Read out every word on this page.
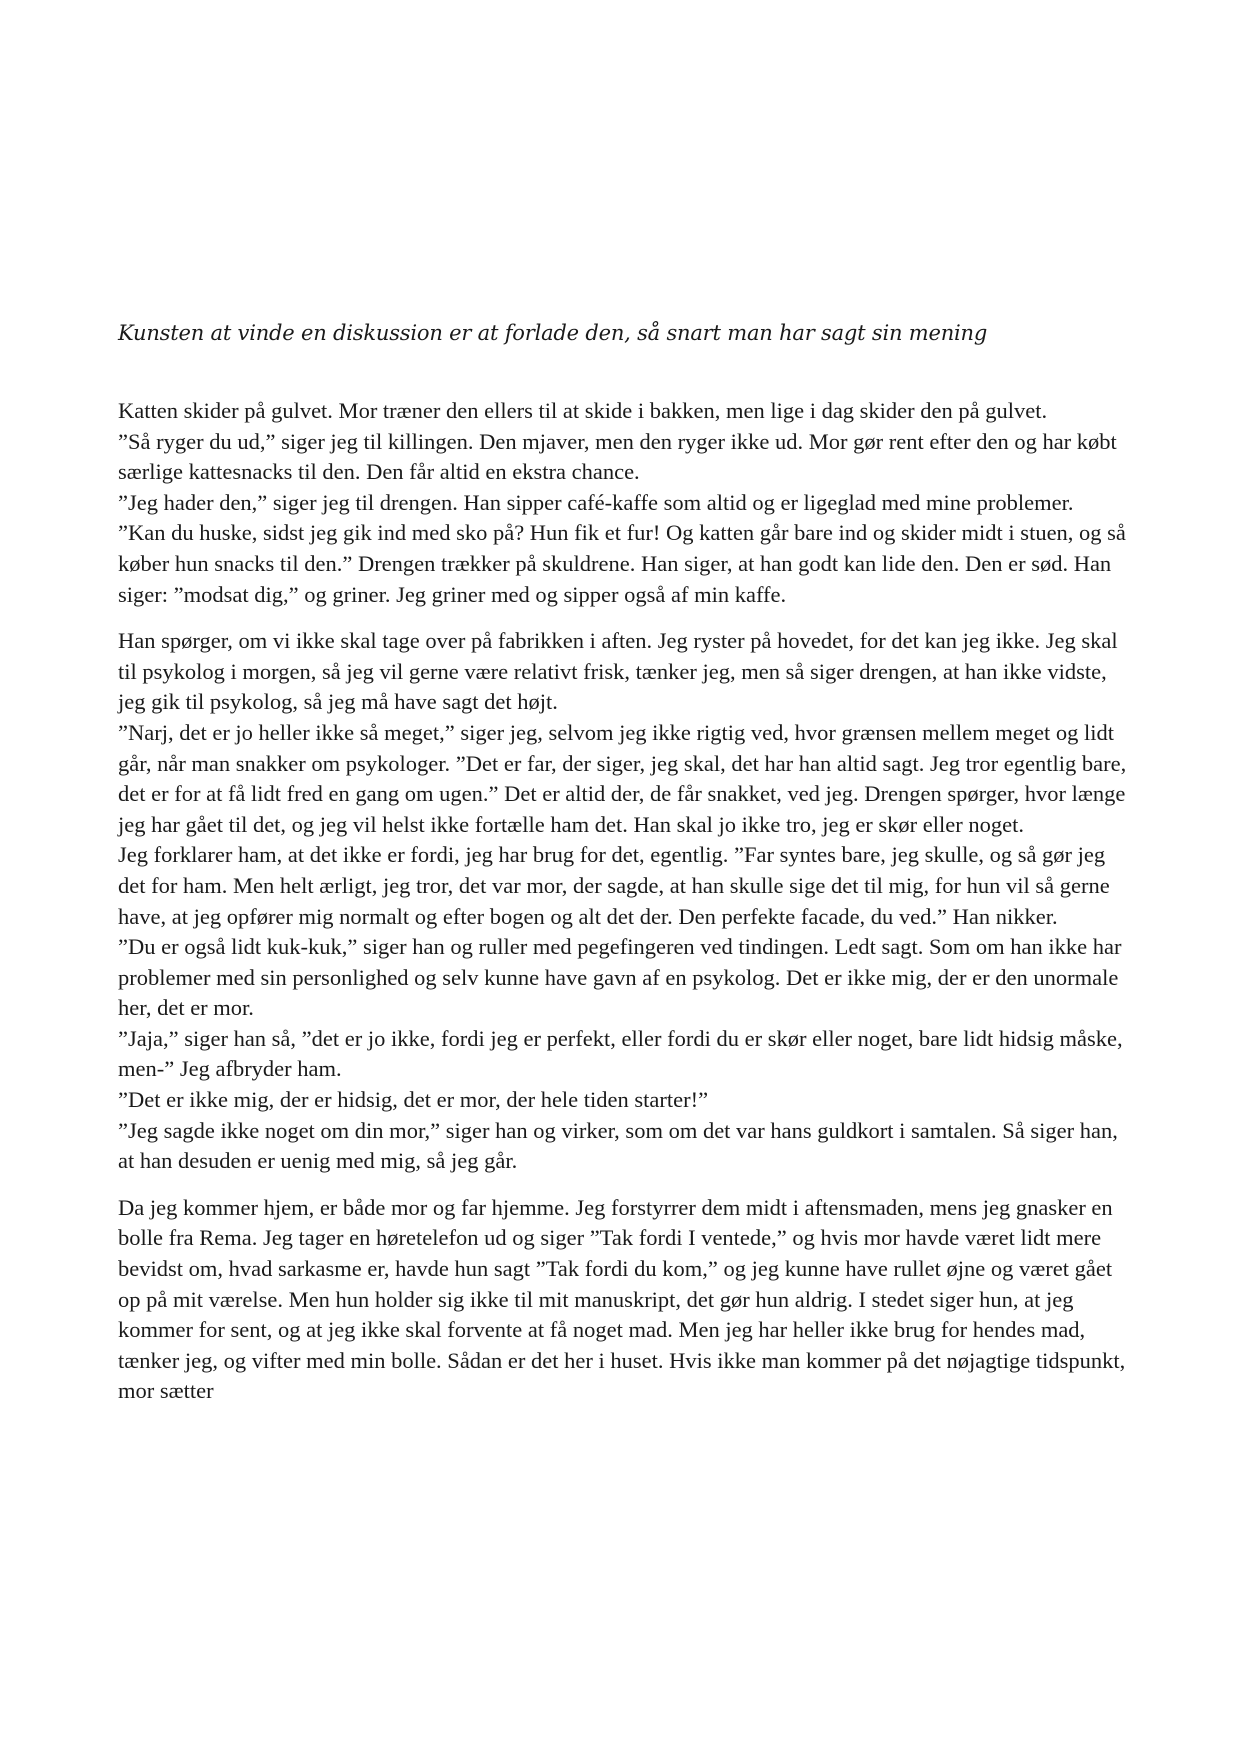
Kunsten at vinde en diskussion er at forlade den, så snart man har sagt sin mening

Katten skider på gulvet. Mor træner den ellers til at skide i bakken, men lige i dag skider den på gulvet.

”Så ryger du ud,” siger jeg til killingen. Den mjaver, men den ryger ikke ud. Mor gør rent efter den og har købt særlige kattesnacks til den. Den får altid en ekstra chance.

”Jeg hader den,” siger jeg til drengen. Han sipper café-kaffe som altid og er ligeglad med mine problemer.

”Kan du huske, sidst jeg gik ind med sko på? Hun fik et fur! Og katten går bare ind og skider midt i stuen, og så køber hun snacks til den.” Drengen trækker på skuldrene. Han siger, at han godt kan lide den. Den er sød. Han siger: ”modsat dig,” og griner. Jeg griner med og sipper også af min kaffe.

Han spørger, om vi ikke skal tage over på fabrikken i aften. Jeg ryster på hovedet, for det kan jeg ikke. Jeg skal til psykolog i morgen, så jeg vil gerne være relativt frisk, tænker jeg, men så siger drengen, at han ikke vidste, jeg gik til psykolog, så jeg må have sagt det højt.

”Narj, det er jo heller ikke så meget,” siger jeg, selvom jeg ikke rigtig ved, hvor grænsen mellem meget og lidt går, når man snakker om psykologer. ”Det er far, der siger, jeg skal, det har han altid sagt. Jeg tror egentlig bare, det er for at få lidt fred en gang om ugen.” Det er altid der, de får snakket, ved jeg. Drengen spørger, hvor længe jeg har gået til det, og jeg vil helst ikke fortælle ham det. Han skal jo ikke tro, jeg er skør eller noget.

Jeg forklarer ham, at det ikke er fordi, jeg har brug for det, egentlig. ”Far syntes bare, jeg skulle, og så gør jeg det for ham. Men helt ærligt, jeg tror, det var mor, der sagde, at han skulle sige det til mig, for hun vil så gerne have, at jeg opfører mig normalt og efter bogen og alt det der. Den perfekte facade, du ved.” Han nikker.

”Du er også lidt kuk-kuk,” siger han og ruller med pegefingeren ved tindingen. Ledt sagt. Som om han ikke har problemer med sin personlighed og selv kunne have gavn af en psykolog. Det er ikke mig, der er den unormale her, det er mor.

”Jaja,” siger han så, ”det er jo ikke, fordi jeg er perfekt, eller fordi du er skør eller noget, bare lidt hidsig måske, men-” Jeg afbryder ham.

”Det er ikke mig, der er hidsig, det er mor, der hele tiden starter!”

”Jeg sagde ikke noget om din mor,” siger han og virker, som om det var hans guldkort i samtalen. Så siger han, at han desuden er uenig med mig, så jeg går.

Da jeg kommer hjem, er både mor og far hjemme. Jeg forstyrrer dem midt i aftensmaden, mens jeg gnasker en bolle fra Rema. Jeg tager en høretelefon ud og siger ”Tak fordi I ventede,” og hvis mor havde været lidt mere bevidst om, hvad sarkasme er, havde hun sagt ”Tak fordi du kom,” og jeg kunne have rullet øjne og været gået op på mit værelse. Men hun holder sig ikke til mit manuskript, det gør hun aldrig. I stedet siger hun, at jeg kommer for sent, og at jeg ikke skal forvente at få noget mad. Men jeg har heller ikke brug for hendes mad, tænker jeg, og vifter med min bolle. Sådan er det her i huset. Hvis ikke man kommer på det nøjagtige tidspunkt, mor sætter
